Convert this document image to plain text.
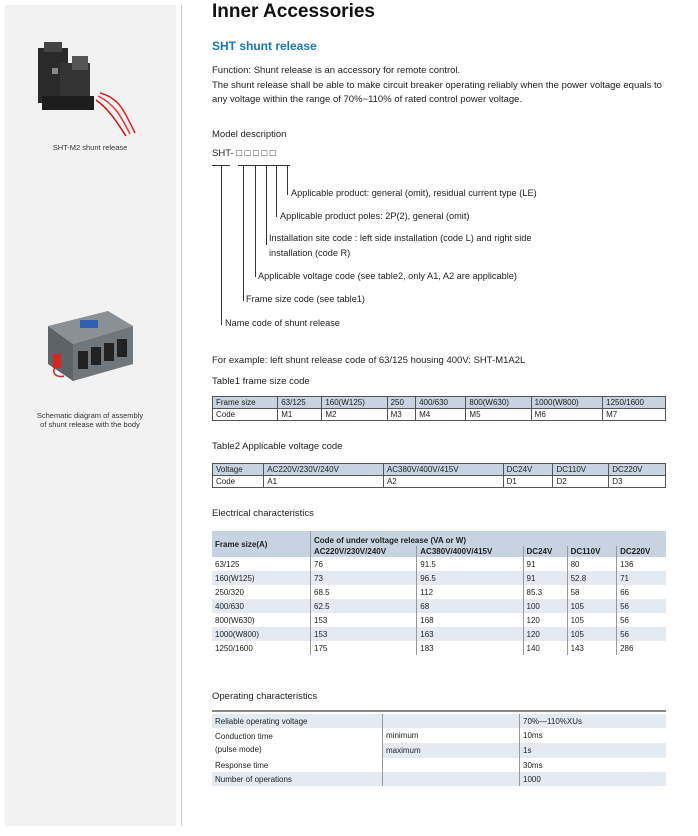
SHT-M2 shunt release
Schematic diagram of assembly
of shunt release with the body
Inner Accessories
SHT shunt release

Function: Shunt release is an accessory for remote control.

The shunt release shall be able to make circuit breaker operating reliably when the power voltage equals to any voltage within the range of 70%~110% of rated control power voltage.

Model description
SHT- □ □ □ □ □
Applicable product: general (omit), residual current type (LE)
Applicable product poles: 2P(2), general (omit)
Installation site code : left side installation (code L) and right side
installation (code R)
Applicable voltage code (see table2, only A1, A2 are applicable)
Frame size code (see table1)
Name code of shunt release
For example: left shunt release code of 63/125 housing 400V: SHT-M1A2L
Table1 frame size code
Frame size	63/125	160(W125)	250	400/630	800(W630)	1000(W800)	1250/1600
Code	M1	M2	M3	M4	M5	M6	M7
Table2 Applicable voltage code
Voltage	AC220V/230V/240V	AC380V/400V/415V	DC24V	DC110V	DC220V
Code	A1	A2	D1	D2	D3
Electrical characteristics
Frame size(A)	Code of under voltage release (VA or W)				
	AC220V/230V/240V	AC380V/400V/415V	DC24V	DC110V	DC220V
63/125	76	91.5	91	80	136
160(W125)	73	96.5	91	52.8	71
250/320	68.5	112	85.3	58	66
400/630	62.5	68	100	105	56
800(W630)	153	168	120	105	56
1000(W800)	153	163	120	105	56
1250/1600	175	183	140	143	286
Operating characteristics
Reliable operating voltage		70%—110%XUs
Conduction time
(pulse mode)	minimum	10ms
	maximum	1s
Response time		30ms
Number of operations		1000
